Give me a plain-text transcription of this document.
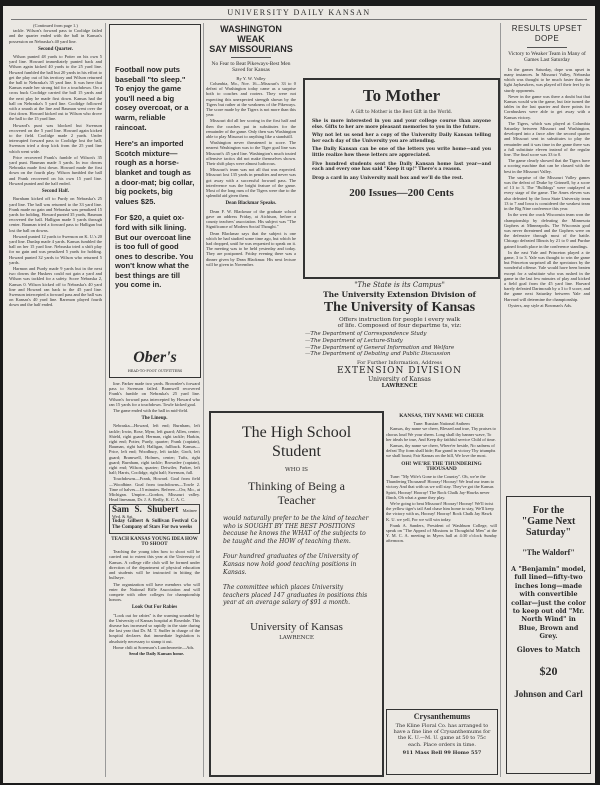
UNIVERSITY DAILY KANSAN
(Continued from page 1.)

tackle. Wilson's forward pass to Coolidge failed and the quarter ended with the ball in Kansas's possession on Nebraska's 40 yard line.

Second Quarter.

Wilson punted 48 yards to Potter on his own 5 yard line. Howard immediately punted back and Wilson again kicked 40 yards to the 25 yard line. Howard fumbled the ball but 20 yards in his effort to get the play out of his territory and Wilson returned the ball to Nebraska's 35 yard line. It was here that Kansas made her strong bid for a touchdown. On a cross buck Coolidge carried the ball 15 yards and the next play he made first down. Kansas had the ball on Nebraska's 5 yard line. Coolidge followed with a smash at the line and Bauman went over the first down. Howard kicked out to Wilson who drove the ball to the 15 yard line.

Howard's punt was blocked but Swenson recovered on the 5 yard line. Howard again kicked to the field. Coolidge made 2 yards. Under interrupted forward pass to Coolidge lost the ball, Swenson tried a drop kick from the 25 yard line which went wide.

Price recovered Frank's fumble of Wilson's 35 yard punt. Bauman made 3 yards. In two downs Nebraska made first down. Howard made the first down on the fourth play. Wilson fumbled the ball and Frank recovered on his own 15 yard line. Howard punted and the half ended.

Second Half.

Burnham kicked off to Purdy on Nebraska's 25 yard line. The ball was returned to the 33 yard line. Frank made no gain and Nebraska was penalized 15 yards for holding. Howard punted 35 yards, Bauman recovered the ball. Halligan made 5 yards through center. Bauman tried a forward pass to Halligan but lost the ball on downs.

Howard punted 12 yards to Swenson on K. U.'s 20 yard line. Dunlap made 4 yards. Kansas fumbled the ball on her 15 yard line. Nebraska tried a shift play for no gain and was penalized 5 yards for holding. Howard punted 32 yards to Wilson who returned 5 yards.

Harmon and Purdy made 9 yards but in the next two downs the Huskers could not gain a yard and Wilson was tackled for a safety. Score Nebraska 2, Kansas 0. Wilson kicked off to Nebraska's 40 yard line and Howard ran back to the 45 yard line. Swenson intercepted a forward pass and the ball was on Kansas's 40 yard line. Rarrmon played fourth down and the half ended.

Football now puts baseball "to sleep." To enjoy the game you'll need a big cosey overcoat, or a warm, reliable raincoat.

Here's an imported Scotch mixture—rough as a horse-blanket and tough as a door-mat; big collar, big pockets, big values $25.

For $20, a quiet ox-ford with silk lining. But our overcoat line is too full of good ones to describe. You won't know what the best things are till you come in.

Ober's
HEAD-TO-FOOT OUTFITTERS
WASHINGTON WEAK
SAY MISSOURIANS
No Fear to Beat Pikeways-Best Men Saved for Kansas
By Y. W. Valley

Columbia, Mo., Nov. 16—Missouri's 33 to 0 defeat of Washington today came as a surprise both to coaches and rooters. They were not expecting this unexpected strength shown by the Tigers but rather at the weakness of the Pikeways. The score made by the Tigers is not more than this year.

Missouri did all her scoring in the first half and then the coaches put in substitutes for the remainder of the game. Only then was Washington able to play Missouri to anything like a standstill.

Washington never threatened to score. The nearest Washington was to the Tiger goal line was Missouri's 45 yard line. Washington's much touted offensive tactics did not make themselves shown. Their shift plays were almost ludicrous.

Missouri's team was not all that was expected. Missouri lost 135 yards in penalties and never was got away with a successful forward pass. The interference was the bright feature of the game. Most of the long runs of the Tigers were due to the splendid aid given them.

Dean Blackmar Speaks.

Dean F. W. Blackmar of the graduate school gave an address Friday, at Atchison, before a county teachers' association. His subject was "The Significance of Modern Social Thought."

Dean Blackmar says that the subject is one which he had studied some time ago, but which he had dropped, until he was requested to speak on it. The meeting was to be held yesterday and today. They are postponed. Friday evening there was a dinner given by Dean Blackmar. His next lecture will be given in November.

line. Parker made two yards. Brownlee's forward pass to Swenson failed. Bramwell recovered Frank's fumble on Nebraska's 25 yard line. Wilson's forward pass intercepted by Howard who ran 15 yards for a touchdown. Towle kicked goal.

The game ended with the ball in mid-field.

The Lineup.

Nebraska—Howard, left end; Burnham, left tackle; Irwin, Rose, Mynr, left guard; Allen, center; Shield, right guard; Herman, right tackle; Harkin, right end; Potter, Purdy, quarter; Frank (captain), Bauman, right half; Halligan, fullback. Kansas—Price, left end; Woodbury, left tackle; Groft, left guard; Bramwell, Holmes, center; Tufts, right guard; Burnham, right tackle; Brownlee (captain), right end; Wilson, quarter; Detwiler, Parker, left half; Harris, Coolidge, right half; Swenson, full.

Touchdowns—Frank, Howard. Goal from field—Woodbine. Goal from touchdowns—Towle 2. Time of halves—15 minutes. Referee—Orr, Mo., at Michigan. Umpire—Gordon, Missouri valley. Head linesman, Dr. J. A. Reilly, K. C. A. C.

Sam S. Shubert Matinee Wed. & Sat.
Today Gilbert & Sullivan Festival Co The Company of Stars For two weeks
TEACH KANSAS YOUNG IDEA HOW TO SHOOT

Teaching the young idea how to shoot will be carried out to extent this year at the University of Kansas. A college rifle club will be formed under direction of the department of physical education and students will be instructed in hitting the bullseye.

The organization will have members who will enter the National Rifle Association and will compete with other colleges for championship honors.

Look Out For Rabies

"Look out for rabies" is the warning sounded by the University of Kansas hospital at Rosedale. This disease has increased so rapidly in the state during the last year that Dr. M. T. Sudler in charge of the hospital declares that immediate legislation is absolutely necessary to stamp it out.

Home chili at Sorenson's Luncheonette—Ads.

Send the Daily Kansan home.

To Mother
A Gift to Mother is the Best Gift in the World.

She is more interested in you and your college course than anyone else. Gifts to her are more pleasant memories to you in the future.

Why not let us send her a copy of the University Daily Kansan telling her each day of the University you are attending.

The Daily Kansan can be one of the letters you write home—and you little realize how these letters are appreciated.

Five hundred students sent the Daily Kansan home last year—and each and every one has said "Keep it up!" There's a reason.

Drop a card in any University mail box and we'll do the rest.

200 Issues—200 Cents
"The State is its Campus"
The University Extension Division of
The University of Kansas
Offers instruction for people i every walk
of life. Composed of four departme ts, viz:
—The Department of Correspondence Study
—The Department of Lecture-Study
—The Department of General Information and Welfare
—The Department of Debating and Public Discussion
For Further Information, Address
EXTENSION DIVISION
University of Kansas
LAWRENCE
The High School
Student
WHO IS
Thinking of Being a
Teacher

would naturally prefer to be the kind of teacher who is SOUGHT BY THE BEST POSITIONS because he knows the WHAT of the subjects to be taught and the HOW of teaching them.

Four hundred graduates of the University of Kansas now hold good teaching positions in Kansas.

The committee which places University teachers placed 147 graduates in positions this year at an average salary of $91 a month.

University of Kansas
LAWRENCE
KANSAS, THY NAME WE CHEER
Tune: Russian National Anthem

Kansas, thy name we cheer, Blessed and true, Thy praises to chorus loud We your sheen. Long shall thy banner wave, To her ideals be true, And Keep thy faithful service Child of time.

Kansas, thy name we cheer, Where'er beside, No sadness of defeat Thy form shall hide; Bur grand in victory Thy triumphs we shall boast; Fair Kansas on the hill, We love the most.

OH! WE'RE THE THUNDERING THOUSAND

Tune: "My Wife's Gone to the Country". Oh, we're the Thundering Thousand! Hooray! Hooray! We lead our team to victory And that with us we will stay. They've got the Kansas Spirit, Hooray! Hooray! The Rock Chalk Jay-Hawks never flinch, Oh what a game they play.

We're going to beat Missouri! Hooray! Hooray! We'll twist the yellow tiger's tail And chase him home to stay, We'll keep the victory with us, Hooray! Hooray! Rock Chalk Jay Hawk K. U. we yell, For we will win today.

Frank A. Sanders, President of Washburn College, will speak on "The Appeal of Missions to Thoughtful Men" at the Y. M. C. A. meeting in Myers hall at 4:30 o'clock Sunday afternoon.

Crysanthemums
The Kline Floral Co. has arranged to have a fine line of Crysanthemums for the K. U.—M. U. game at 50 to 75c each. Place orders in time.
911 Mass Bell 99 Home 557
RESULTS UPSET DOPE
Victory to Weaker Team in Many of Games Last Saturday

In the games Saturday, dope was upset in many instances. In Missouri Valley, Nebraska which was thought to be much faster than the light Jayhawkers, was played off their feet by its sturdy opponents.

Never in the game was there a doubt but that Kansas would win the game, but fate turned the tables in the last quarter and three points for Cornhuskers were able to get away with a Kansas victory.

The Tigers, which was played at Columbia Saturday between Missouri and Washington, developed into a farce after the second quarter and Missouri sent in substitutes to play the remainder and it was time in the game there was a full substitute eleven instead of the regular line. The final score was 33 to 0.

The game clearly showed that the Tigers have a scoring machine that can be classed with the best in the Missouri Valley.

The surprise of the Missouri Valley games was the defeat of Drake by Grinnell, by a score of 13 to 3. The "Bulldogs" were outplayed at every stage of the game. The Ames eleven was also defeated by the Iowa State University team 13 to 7 and Iowa is considered the weakest team in the Big Nine conference this year.

In the west the crack Wisconsin team won the championship by defeating the Minnesota Gophers at Minneapolis. The Wisconsin goal was never threatened and the Gophers were on the defensive through most of the battle. Chicago defeated Illinois by 21 to 0 and Purdue gained fourth place in the conference standings.

In the east Yale and Princeton played a tie game, 3 to 3. Yale was thought to win the game but Princeton surprised all the spectators by the wonderful offense. Yale would have been beaten except for a substitute who was rushed in the game in the last few minutes of play and kicked a field goal from the 45 yard line. Harvard barely defeated Dartmouth by a 3 to 0 score, and the game next Saturday between Yale and Harvard will determine the championship.

Oysters, any style at Bowman's Ads.

For the
"Game Next
Saturday"
"The Waldorf"
A "Benjamin" model, full lined—fifty-two inches long—made with convertible collar—just the color to keep out old "Mr. North Wind" in Blue, Brown and Grey.
Gloves to Match
$20
Johnson and Carl
